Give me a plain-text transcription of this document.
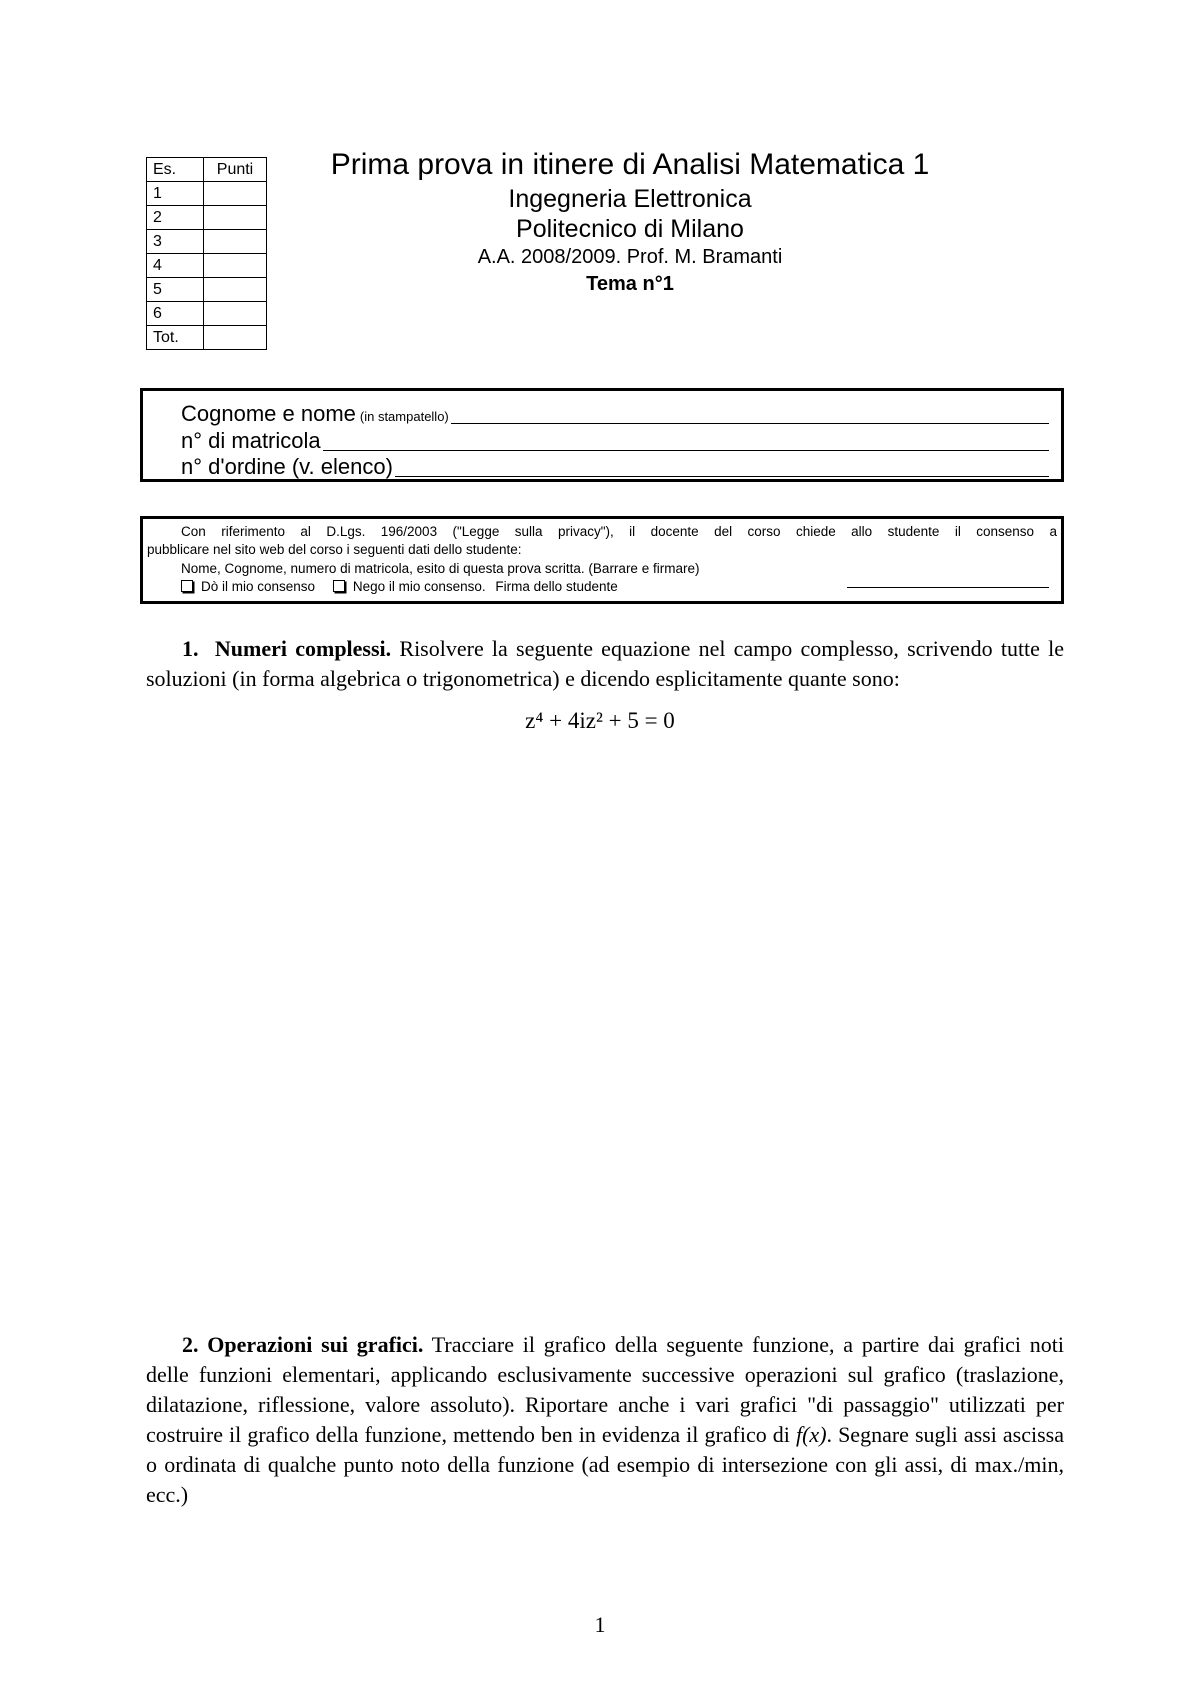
Es.	Punti
1	
2	
3	
4	
5	
6	
Tot.	
Prima prova in itinere di Analisi Matematica 1
Ingegneria Elettronica
Politecnico di Milano
A.A. 2008/2009. Prof. M. Bramanti
Tema n°1
Cognome e nome (in stampatello)
n° di matricola
n° d'ordine (v. elenco)
Con riferimento al D.Lgs. 196/2003 ("Legge sulla privacy"), il docente del corso chiede allo studente il consenso a
pubblicare nel sito web del corso i seguenti dati dello studente:
Nome, Cognome, numero di matricola, esito di questa prova scritta. (Barrare e firmare)
Dò il mio consenso	Nego il mio consenso. Firma dello studente
1. Numeri complessi. Risolvere la seguente equazione nel campo complesso, scrivendo tutte le soluzioni (in forma algebrica o trigonometrica) e dicendo esplicitamente quante sono:
z⁴ + 4iz² + 5 = 0
2. Operazioni sui grafici. Tracciare il grafico della seguente funzione, a partire dai grafici noti delle funzioni elementari, applicando esclusivamente successive operazioni sul grafico (traslazione, dilatazione, riflessione, valore assoluto). Riportare anche i vari grafici "di passaggio" utilizzati per costruire il grafico della funzione, mettendo ben in evidenza il grafico di f(x). Segnare sugli assi ascissa o ordinata di qualche punto noto della funzione (ad esempio di intersezione con gli assi, di max./min, ecc.)
1
